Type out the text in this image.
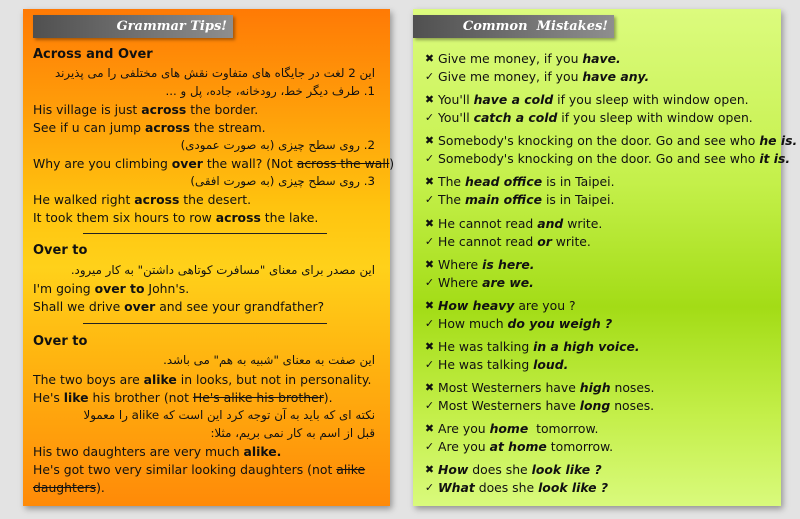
Grammar Tips!
Across and Over
این 2 لغت در جایگاه های متفاوت نقش های مختلفی را می پذیرند
1. طرف دیگر خط، رودخانه، جاده، پل و ...
His village is just across the border.
See if u can jump across the stream.
2. روی سطح چیزی (به صورت عمودی)
Why are you climbing over the wall? (Not across the wall)
3. روی سطح چیزی (به صورت افقی)
He walked right across the desert.
It took them six hours to row across the lake.
Over to
این مصدر برای معنای "مسافرت کوتاهی داشتن" به کار میرود.
I'm going over to John's.
Shall we drive over and see your grandfather?
Over to
این صفت به معنای "شبیه به هم" می باشد.
The two boys are alike in looks, but not in personality.
He's like his brother (not He's alike his brother).
نکته ای که باید به آن توجه کرد این است که alike را معمولا
قبل از اسم به کار نمی بریم، مثلا:
His two daughters are very much alike.
He's got two very similar looking daughters (not alike
daughters).
Common  Mistakes!
✖ Give me money, if you have.
✓ Give me money, if you have any.
✖ You'll have a cold if you sleep with window open.
✓ You'll catch a cold if you sleep with window open.
✖ Somebody's knocking on the door. Go and see who he is.
✓ Somebody's knocking on the door. Go and see who it is.
✖ The head office is in Taipei.
✓ The main office is in Taipei.
✖ He cannot read and write.
✓ He cannot read or write.
✖ Where is here.
✓ Where are we.
✖ How heavy are you ?
✓ How much do you weigh ?
✖ He was talking in a high voice.
✓ He was talking loud.
✖ Most Westerners have high noses.
✓ Most Westerners have long noses.
✖ Are you home  tomorrow.
✓ Are you at home tomorrow.
✖ How does she look like ?
✓ What does she look like ?
